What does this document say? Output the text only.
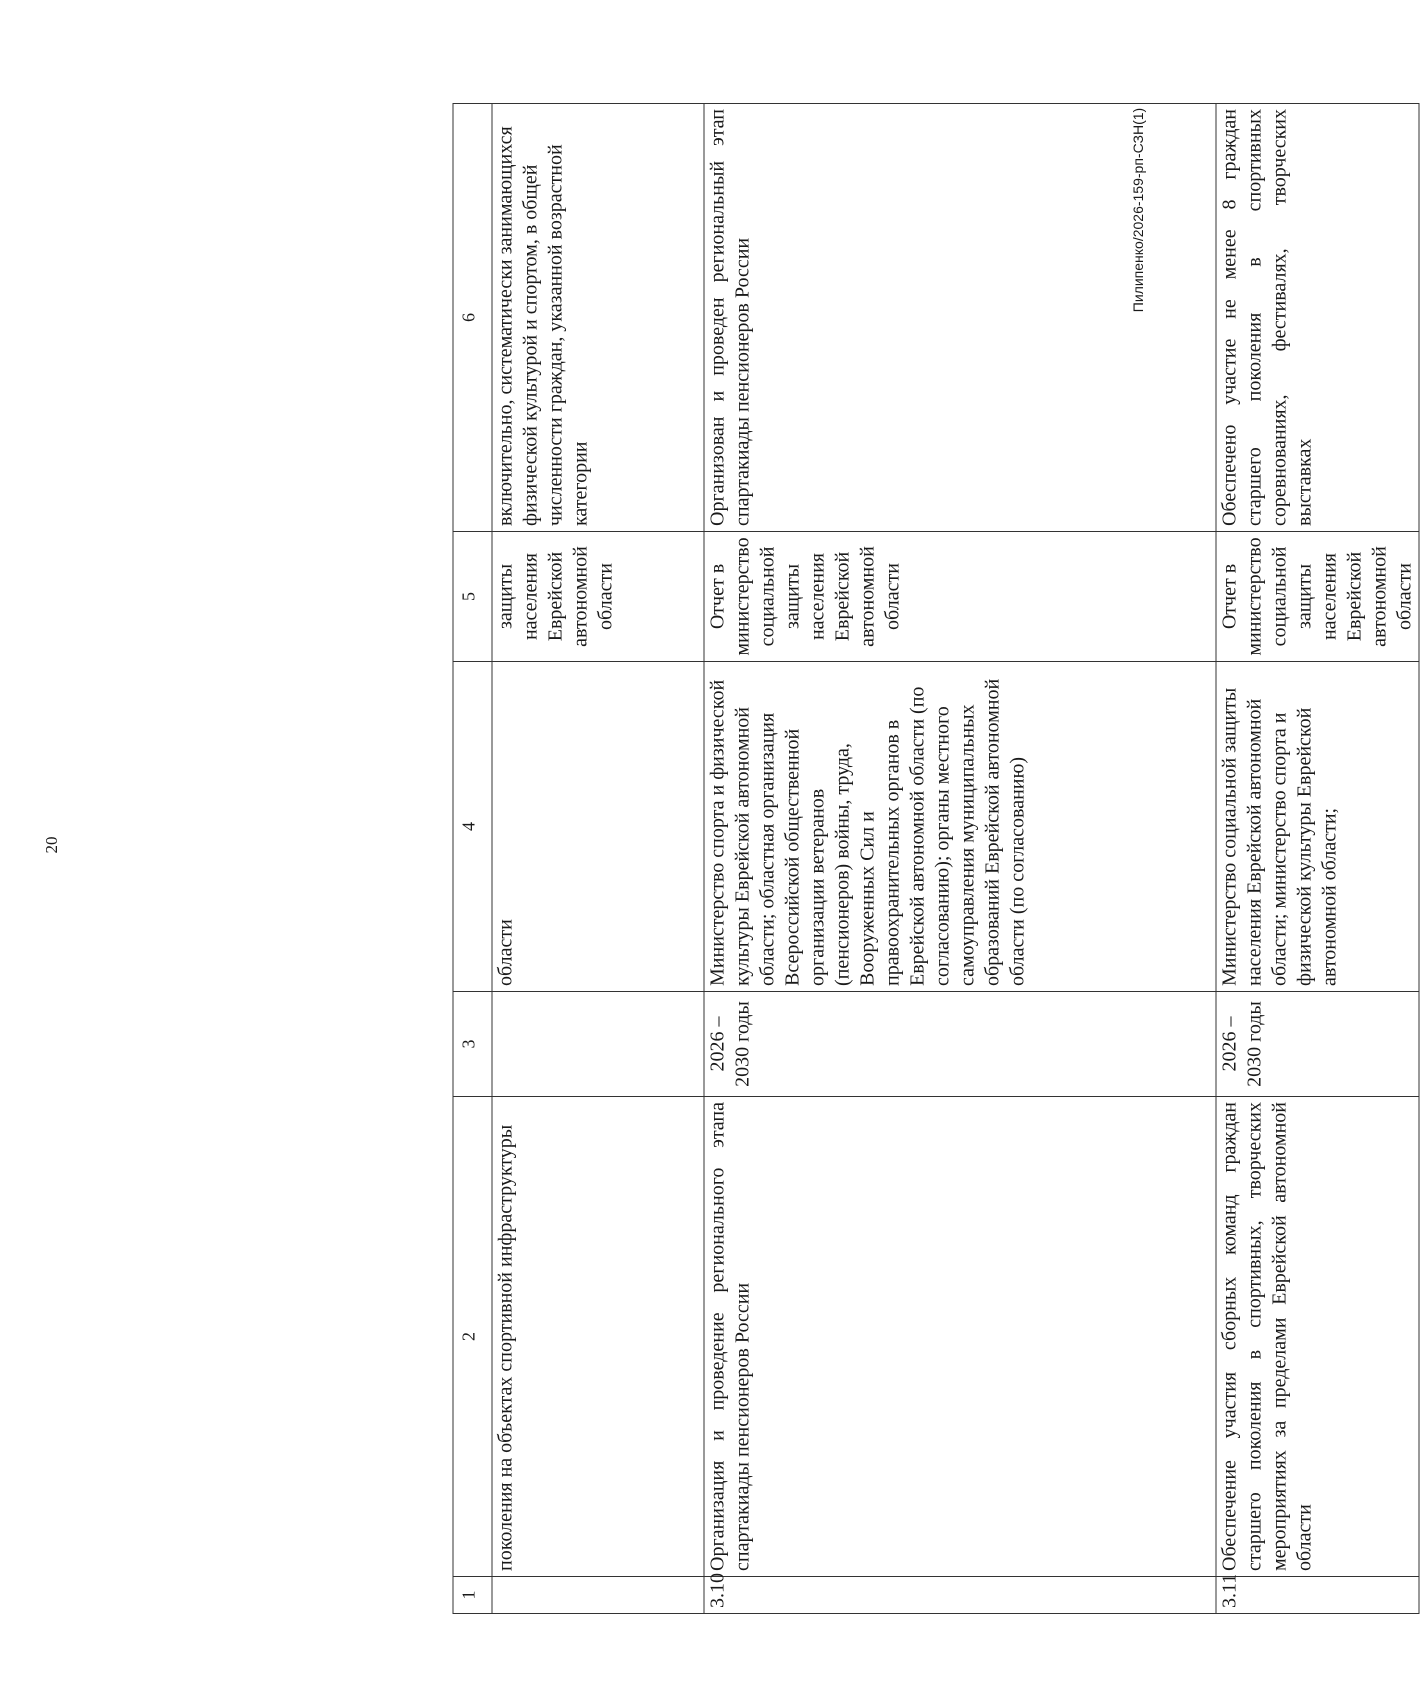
20
Пилипенко/2026-159-рп-СЗН(1)
1	2	3	4	5	6
	поколения на объектах спортивной инфраструктуры		области	защиты населения Еврейской автономной области	включительно, систематически занимающихся физической культурой и спортом, в общей численности граждан, указанной возрастной категории
3.10	Организация и проведение регионального этапа спартакиады пенсионеров России	2026 – 2030 годы	Министерство спорта и физической культуры Еврейской автономной области; областная организация Всероссийской общественной организации ветеранов (пенсионеров) войны, труда, Вооруженных Сил и правоохранительных органов в Еврейской автономной области (по согласованию); органы местного самоуправления муниципальных образований Еврейской автономной области (по согласованию)	Отчет в министерство социальной защиты населения Еврейской автономной области	Организован и проведен региональный этап спартакиады пенсионеров России
3.11	Обеспечение участия сборных команд граждан старшего поколения в спортивных, творческих мероприятиях за пределами Еврейской автономной области	2026 – 2030 годы	Министерство социальной защиты населения Еврейской автономной области; министерство спорта и физической культуры Еврейской автономной области;	Отчет в министерство социальной защиты населения Еврейской автономной области	Обеспечено участие не менее 8 граждан старшего поколения в спортивных соревнованиях, фестивалях, творческих выставках
